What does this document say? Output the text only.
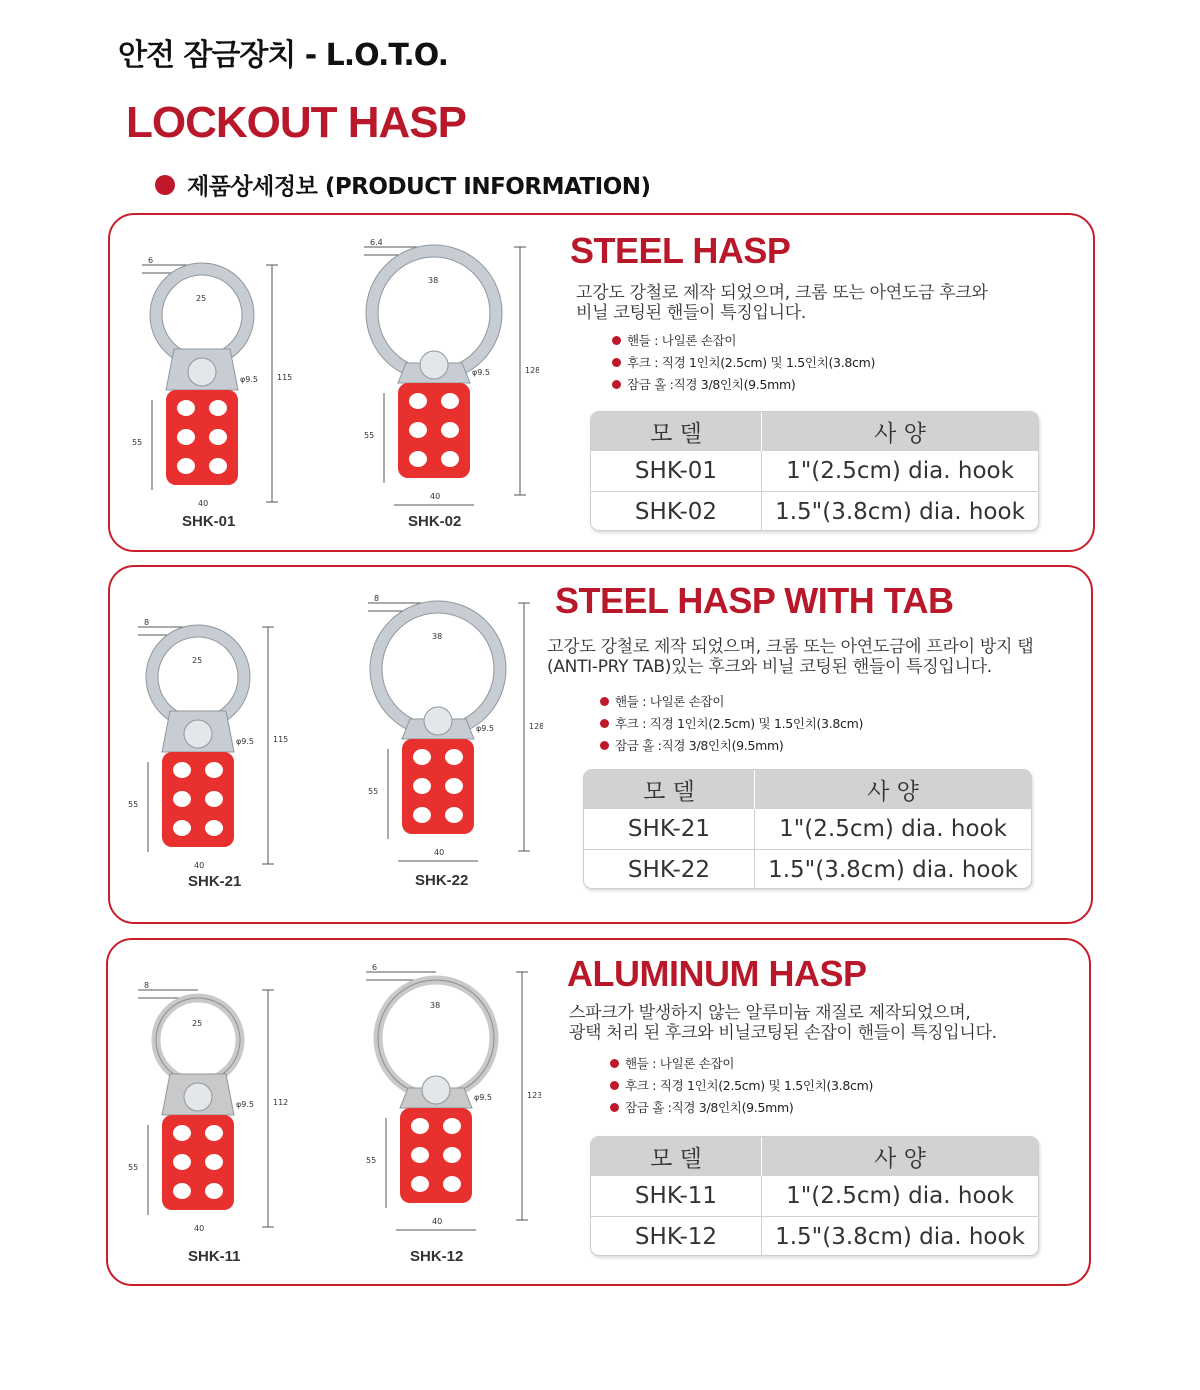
안전 잠금장치 - L.O.T.O.
LOCKOUT HASP
제품상세정보 (PRODUCT INFORMATION)
6
25
φ9.5 115
55
40
6.4
38
φ9.5	128
55
40
SHK-01	SHK-02
STEEL HASP
고강도 강철로 제작 되었으며, 크롬 또는 아연도금 후크와
비닐 코팅된 핸들이 특징입니다.
핸들 : 나일론 손잡이
후크 : 직경 1인치(2.5cm) 및 1.5인치(3.8cm)
잠금 홀 :직경 3/8인치(9.5mm)
모 델	사 양
SHK-01	1"(2.5cm) dia. hook
SHK-02	1.5"(3.8cm) dia. hook
8
25
φ9.5 115
55
40
8
38
φ9.5	128
55
40
SHK-21	SHK-22
STEEL HASP WITH TAB
고강도 강철로 제작 되었으며, 크롬 또는 아연도금에 프라이 방지 탭
(ANTI-PRY TAB)있는 후크와 비닐 코팅된 핸들이 특징입니다.
핸들 : 나일론 손잡이
후크 : 직경 1인치(2.5cm) 및 1.5인치(3.8cm)
잠금 홀 :직경 3/8인치(9.5mm)
모 델	사 양
SHK-21	1"(2.5cm) dia. hook
SHK-22	1.5"(3.8cm) dia. hook
8
25
φ9.5 112
55
40
6
38
φ9.5	123
55
40
SHK-11	SHK-12
ALUMINUM HASP
스파크가 발생하지 않는 알루미늄 재질로 제작되었으며,
광택 처리 된 후크와 비닐코팅된 손잡이 핸들이 특징입니다.
핸들 : 나일론 손잡이
후크 : 직경 1인치(2.5cm) 및 1.5인치(3.8cm)
잠금 홀 :직경 3/8인치(9.5mm)
모 델	사 양
SHK-11	1"(2.5cm) dia. hook
SHK-12	1.5"(3.8cm) dia. hook
